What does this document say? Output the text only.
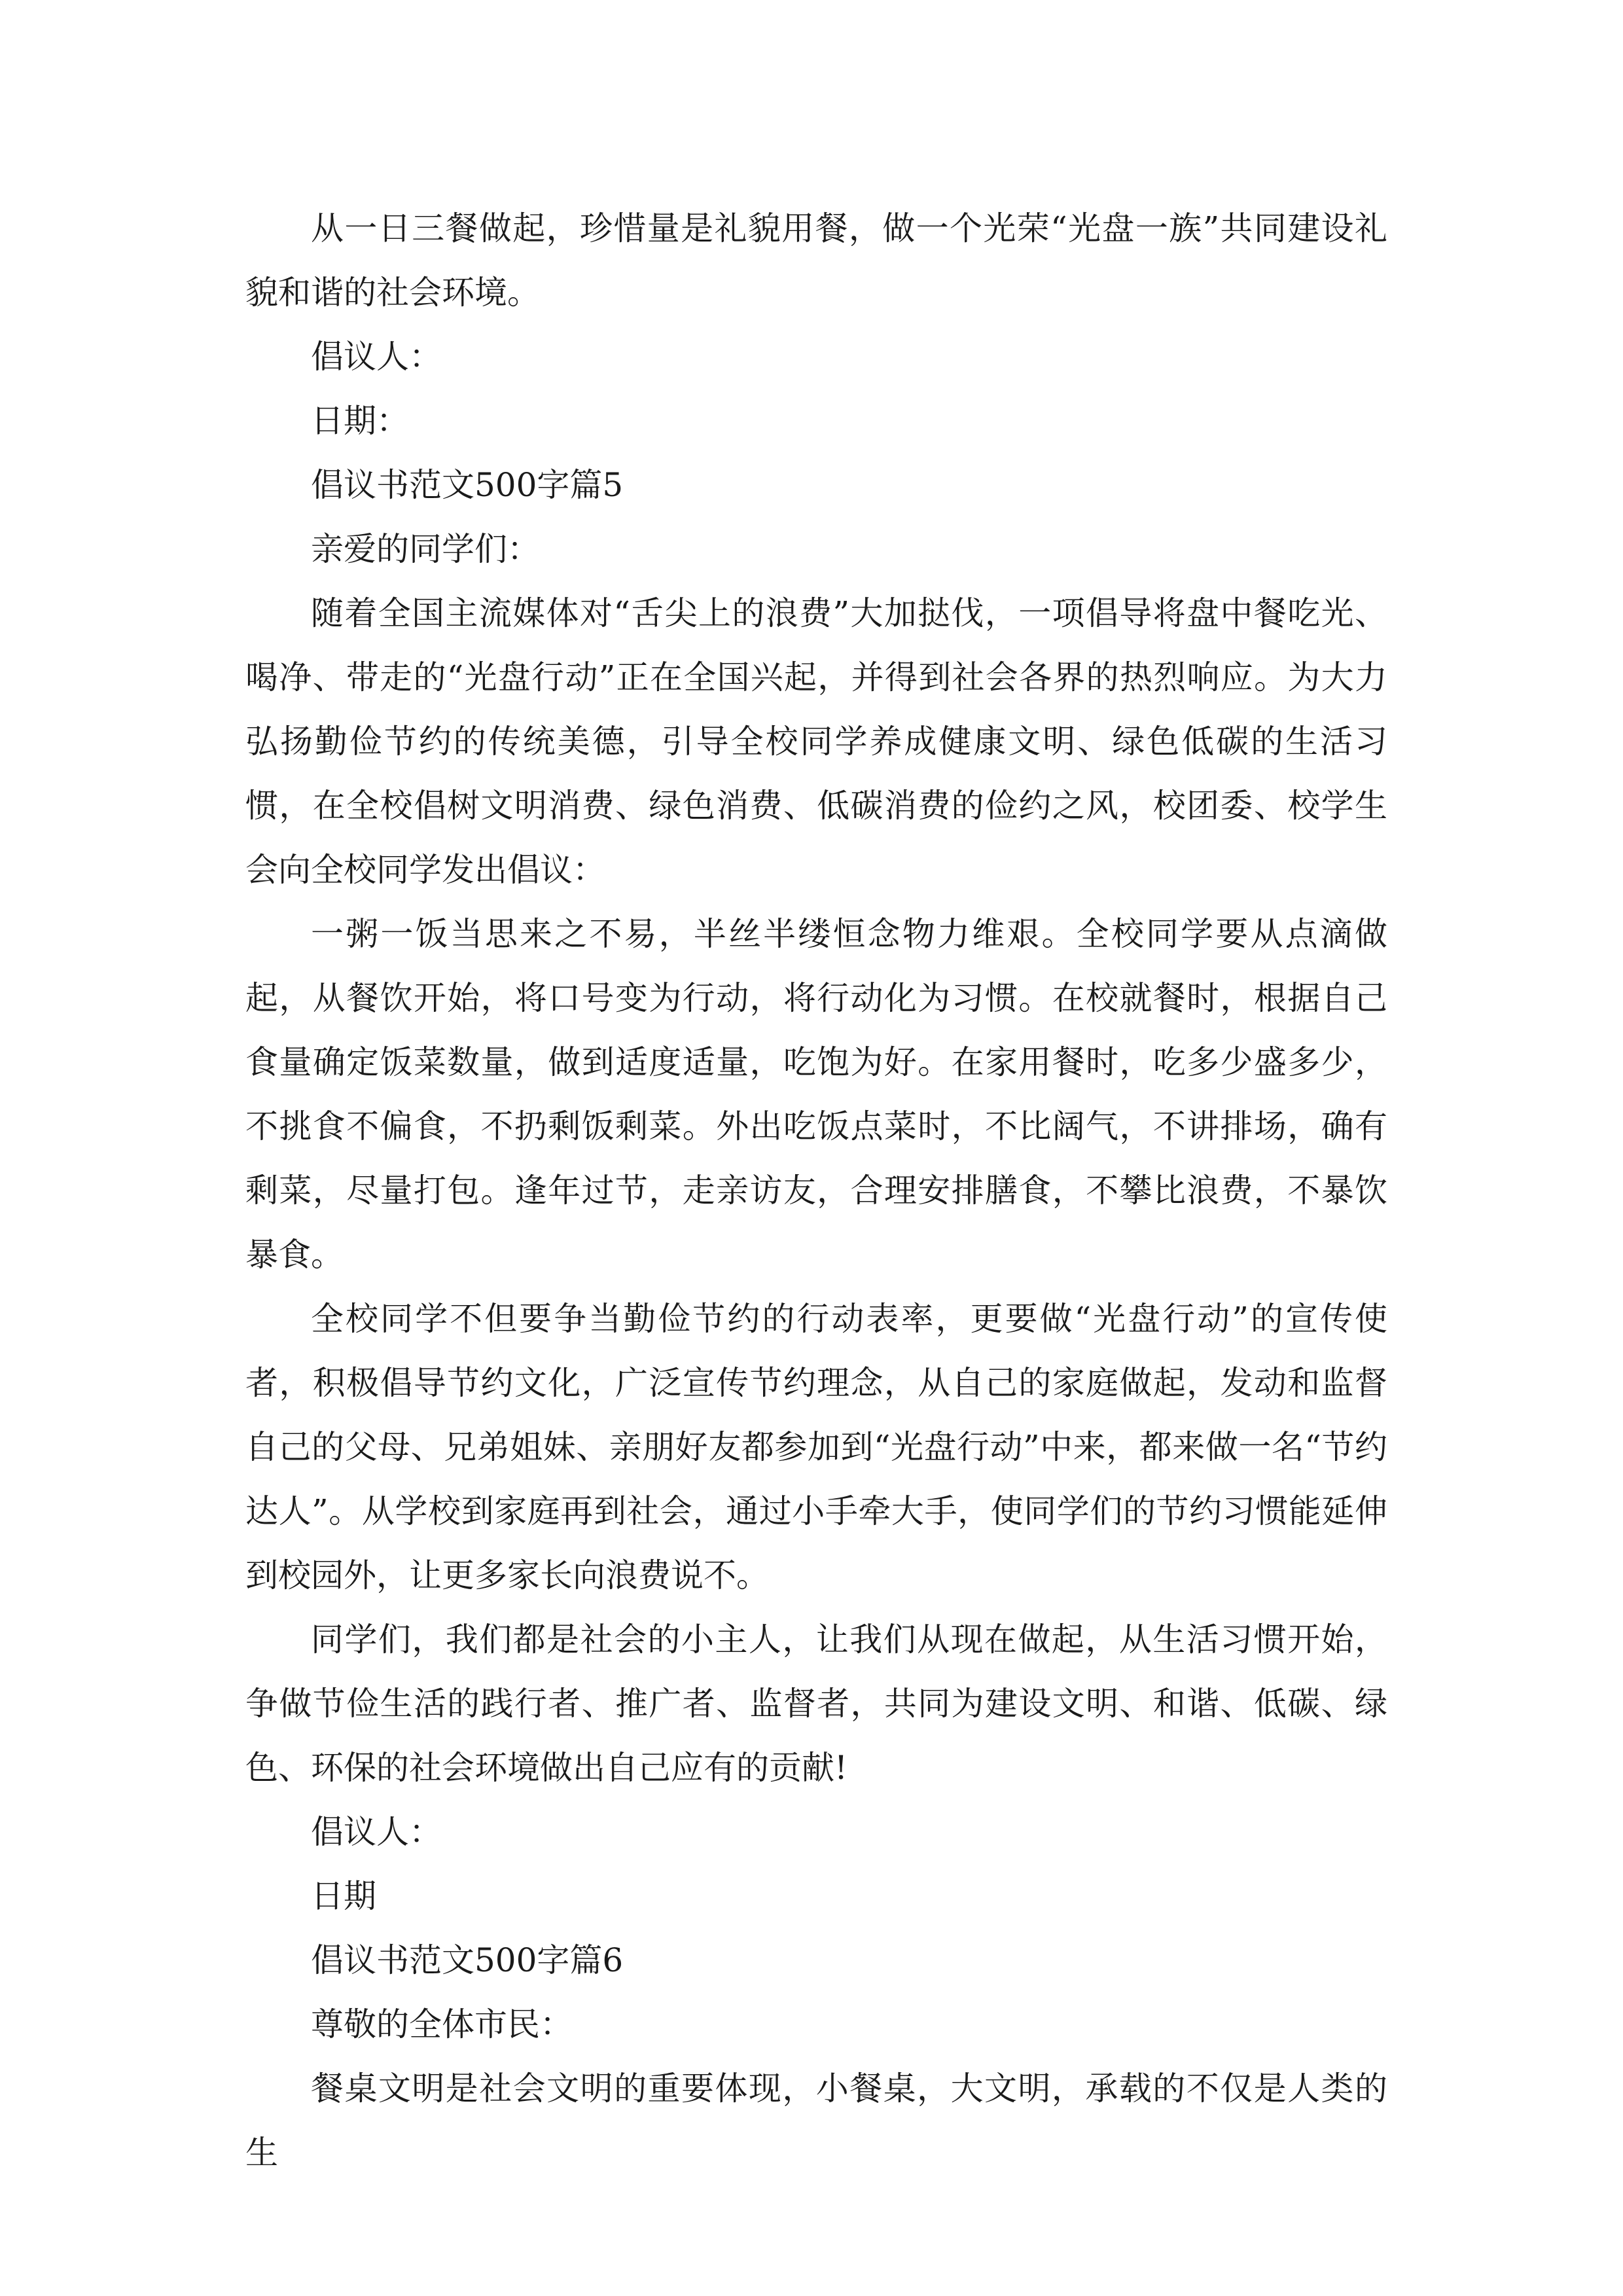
从一日三餐做起，珍惜量是礼貌用餐，做一个光荣“光盘一族”共同建设礼貌和谐的社会环境。

倡议人：

日期：

倡议书范文500字篇5

亲爱的同学们：

随着全国主流媒体对“舌尖上的浪费”大加挞伐，一项倡导将盘中餐吃光、喝净、带走的“光盘行动”正在全国兴起，并得到社会各界的热烈响应。为大力弘扬勤俭节约的传统美德，引导全校同学养成健康文明、绿色低碳的生活习惯，在全校倡树文明消费、绿色消费、低碳消费的俭约之风，校团委、校学生会向全校同学发出倡议：

一粥一饭当思来之不易，半丝半缕恒念物力维艰。全校同学要从点滴做起，从餐饮开始，将口号变为行动，将行动化为习惯。在校就餐时，根据自己食量确定饭菜数量，做到适度适量，吃饱为好。在家用餐时，吃多少盛多少，不挑食不偏食，不扔剩饭剩菜。外出吃饭点菜时，不比阔气，不讲排场，确有剩菜，尽量打包。逢年过节，走亲访友，合理安排膳食，不攀比浪费，不暴饮暴食。

全校同学不但要争当勤俭节约的行动表率，更要做“光盘行动”的宣传使者，积极倡导节约文化，广泛宣传节约理念，从自己的家庭做起，发动和监督自己的父母、兄弟姐妹、亲朋好友都参加到“光盘行动”中来，都来做一名“节约达人”。从学校到家庭再到社会，通过小手牵大手，使同学们的节约习惯能延伸到校园外，让更多家长向浪费说不。

同学们，我们都是社会的小主人，让我们从现在做起，从生活习惯开始，争做节俭生活的践行者、推广者、监督者，共同为建设文明、和谐、低碳、绿色、环保的社会环境做出自己应有的贡献!

倡议人：

日期

倡议书范文500字篇6

尊敬的全体市民：

餐桌文明是社会文明的重要体现，小餐桌，大文明，承载的不仅是人类的生
